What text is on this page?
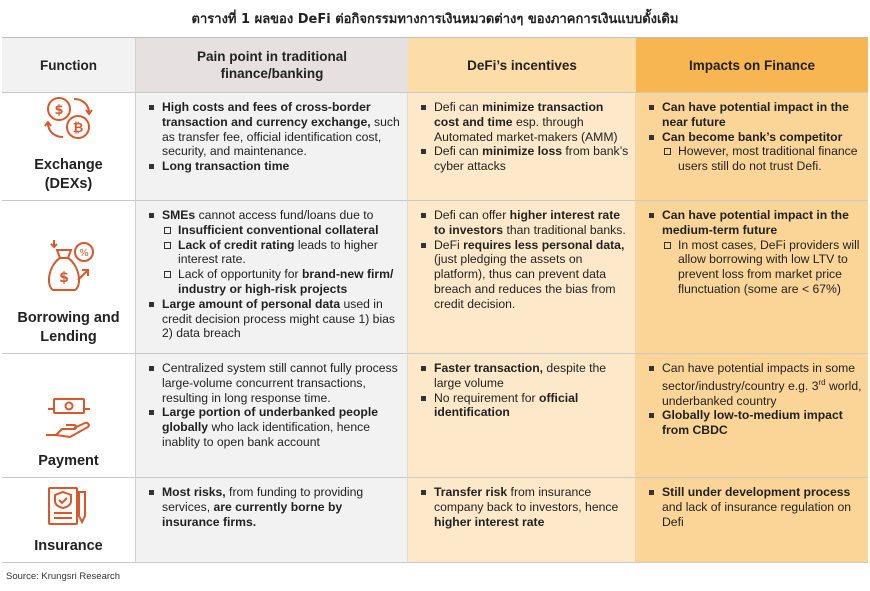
ตารางที่ 1 ผลของ DeFi ต่อกิจกรรมทางการเงินหมวดต่างๆ ของภาคการเงินแบบดั้งเดิม
Function
Pain point in traditional finance/banking
DeFi’s incentives	Impacts on Finance
$
₿
Exchange
(DEXs)
High costs and fees of cross-border transaction and currency exchange, such as transfer fee, official identification cost, security, and maintenance.
Long transaction time
Defi can minimize transaction cost and time esp. through Automated market-makers (AMM)
Defi can minimize loss from bank’s cyber attacks
Can have potential impact in the near future
Can become bank’s competitor
However, most traditional finance users still do not trust Defi.
$
%
Borrowing and
Lending
SMEs cannot access fund/loans due to
Insufficient conventional collateral
Lack of credit rating leads to higher interest rate.
Lack of opportunity for brand-new firm/ industry or high-risk projects
Large amount of personal data used in credit decision process might cause 1) bias 2) data breach
Defi can offer higher interest rate to investors than traditional banks.
DeFi requires less personal data, (just pledging the assets on platform), thus can prevent data breach and reduces the bias from credit decision.
Can have potential impact in the medium-term future
In most cases, DeFi providers will allow borrowing with low LTV to prevent loss from market price flunctuation (some are < 67%)
Payment
Centralized system still cannot fully process large-volume concurrent transactions, resulting in long response time.
Large portion of underbanked people globally who lack identification, hence inablity to open bank account
Faster transaction, despite the large volume
No requirement for official identification
Can have potential impacts in some sector/industry/country e.g. 3rd world, underbanked country
Globally low-to-medium impact from CBDC
Insurance
Most risks, from funding to providing services, are currently borne by insurance firms.
Transfer risk from insurance company back to investors, hence higher interest rate
Still under development process and lack of insurance regulation on Defi
Source: Krungsri Research
